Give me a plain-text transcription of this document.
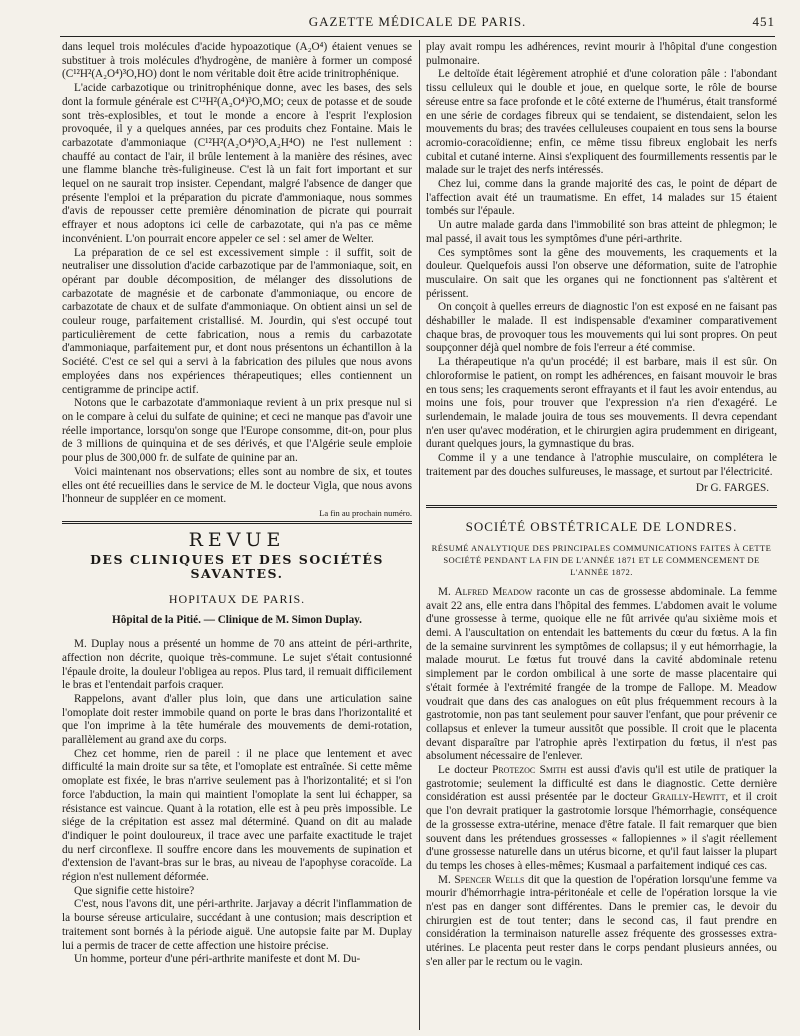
GAZETTE MÉDICALE DE PARIS.	451

dans lequel trois molécules d'acide hypoazotique (A₂O⁴) étaient venues se substituer à trois molécules d'hydrogène, de manière à former un composé (C¹²H²(A₂O⁴)³O,HO) dont le nom véritable doit être acide trinitrophénique.

L'acide carbazotique ou trinitrophénique donne, avec les bases, des sels dont la formule générale est C¹²H²(A₂O⁴)³O,MO; ceux de potasse et de soude sont très-explosibles, et tout le monde a encore à l'esprit l'explosion provoquée, il y a quelques années, par ces produits chez Fontaine. Mais le carbazotate d'ammoniaque (C¹²H²(A₂O⁴)³O,A₂H⁴O) ne l'est nullement : chauffé au contact de l'air, il brûle lentement à la manière des résines, avec une flamme blanche très-fuligineuse. C'est là un fait fort important et sur lequel on ne saurait trop insister. Cependant, malgré l'absence de danger que présente l'emploi et la préparation du picrate d'ammoniaque, nous sommes d'avis de repousser cette première dénomination de picrate qui pourrait effrayer et nous adoptons ici celle de carbazotate, qui n'a pas ce même inconvénient. L'on pourrait encore appeler ce sel : sel amer de Welter.

La préparation de ce sel est excessivement simple : il suffit, soit de neutraliser une dissolution d'acide carbazotique par de l'ammoniaque, soit, en opérant par double décomposition, de mélanger des dissolutions de carbazotate de magnésie et de carbonate d'ammoniaque, ou encore de carbazotate de chaux et de sulfate d'ammoniaque. On obtient ainsi un sel de couleur rouge, parfaitement cristallisé. M. Jourdin, qui s'est occupé tout particulièrement de cette fabrication, nous a remis du carbazotate d'ammoniaque, parfaitement pur, et dont nous présentons un échantillon à la Société. C'est ce sel qui a servi à la fabrication des pilules que nous avons employées dans nos expériences thérapeutiques; elles contiennent un centigramme de principe actif.

Notons que le carbazotate d'ammoniaque revient à un prix presque nul si on le compare à celui du sulfate de quinine; et ceci ne manque pas d'avoir une réelle importance, lorsqu'on songe que l'Europe consomme, dit-on, pour plus de 3 millions de quinquina et de ses dérivés, et que l'Algérie seule emploie pour plus de 300,000 fr. de sulfate de quinine par an.

Voici maintenant nos observations; elles sont au nombre de six, et toutes elles ont été recueillies dans le service de M. le docteur Vigla, que nous avons l'honneur de suppléer en ce moment.

La fin au prochain numéro.

REVUE
DES CLINIQUES ET DES SOCIÉTÉS SAVANTES.
HOPITAUX DE PARIS.
Hôpital de la Pitié. — Clinique de M. Simon Duplay.

M. Duplay nous a présenté un homme de 70 ans atteint de péri-arthrite, affection non décrite, quoique très-commune. Le sujet s'était contusionné l'épaule droite, la douleur l'obligea au repos. Plus tard, il remuait difficilement le bras et l'entendait parfois craquer.

Rappelons, avant d'aller plus loin, que dans une articulation saine l'omoplate doit rester immobile quand on porte le bras dans l'horizontalité et que l'on imprime à la tête humérale des mouvements de demi-rotation, parallèlement au grand axe du corps.

Chez cet homme, rien de pareil : il ne place que lentement et avec difficulté la main droite sur sa tête, et l'omoplate est entraînée. Si cette même omoplate est fixée, le bras n'arrive seulement pas à l'horizontalité; et si l'on force l'abduction, la main qui maintient l'omoplate la sent lui échapper, sa résistance est vaincue. Quant à la rotation, elle est à peu près impossible. Le siége de la crépitation est assez mal déterminé. Quand on dit au malade d'indiquer le point douloureux, il trace avec une parfaite exactitude le trajet du nerf circonflexe. Il souffre encore dans les mouvements de supination et d'extension de l'avant-bras sur le bras, au niveau de l'apophyse coracoïde. La région n'est nullement déformée.

Que signifie cette histoire?

C'est, nous l'avons dit, une péri-arthrite. Jarjavay a décrit l'inflammation de la bourse séreuse articulaire, succédant à une contusion; mais description et traitement sont bornés à la période aiguë. Une autopsie faite par M. Duplay lui a permis de tracer de cette affection une histoire précise.

Un homme, porteur d'une péri-arthrite manifeste et dont M. Du-

play avait rompu les adhérences, revint mourir à l'hôpital d'une congestion pulmonaire.

Le deltoïde était légèrement atrophié et d'une coloration pâle : l'abondant tissu celluleux qui le double et joue, en quelque sorte, le rôle de bourse séreuse entre sa face profonde et le côté externe de l'humérus, était transformé en une série de cordages fibreux qui se tendaient, se distendaient, selon les mouvements du bras; des travées celluleuses coupaient en tous sens la bourse acromio-coracoïdienne; enfin, ce même tissu fibreux englobait les nerfs cubital et cutané interne. Ainsi s'expliquent des fourmillements ressentis par le malade sur le trajet des nerfs intéressés.

Chez lui, comme dans la grande majorité des cas, le point de départ de l'affection avait été un traumatisme. En effet, 14 malades sur 15 étaient tombés sur l'épaule.

Un autre malade garda dans l'immobilité son bras atteint de phlegmon; le mal passé, il avait tous les symptômes d'une péri-arthrite.

Ces symptômes sont la gêne des mouvements, les craquements et la douleur. Quelquefois aussi l'on observe une déformation, suite de l'atrophie musculaire. On sait que les organes qui ne fonctionnent pas s'altèrent et périssent.

On conçoit à quelles erreurs de diagnostic l'on est exposé en ne faisant pas déshabiller le malade. Il est indispensable d'examiner comparativement chaque bras, de provoquer tous les mouvements qui lui sont propres. On peut soupçonner déjà quel nombre de fois l'erreur a été commise.

La thérapeutique n'a qu'un procédé; il est barbare, mais il est sûr. On chloroformise le patient, on rompt les adhérences, en faisant mouvoir le bras en tous sens; les craquements seront effrayants et il faut les avoir entendus, au moins une fois, pour trouver que l'expression n'a rien d'exagéré. Le surlendemain, le malade jouira de tous ses mouvements. Il devra cependant n'en user qu'avec modération, et le chirurgien agira prudemment en dirigeant, durant quelques jours, la gymnastique du bras.

Comme il y a une tendance à l'atrophie musculaire, on complétera le traitement par des douches sulfureuses, le massage, et surtout par l'électricité.

Dr G. FARGES.

SOCIÉTÉ OBSTÉTRICALE DE LONDRES.
RÉSUMÉ ANALYTIQUE DES PRINCIPALES COMMUNICATIONS FAITES À CETTE SOCIÉTÉ PENDANT LA FIN DE L'ANNÉE 1871 ET LE COMMENCEMENT DE L'ANNÉE 1872.

M. Alfred Meadow raconte un cas de grossesse abdominale. La femme avait 22 ans, elle entra dans l'hôpital des femmes. L'abdomen avait le volume d'une grossesse à terme, quoique elle ne fût arrivée qu'au sixième mois et demi. A l'auscultation on entendait les battements du cœur du fœtus. A la fin de la semaine survinrent les symptômes de collapsus; il y eut hémorrhagie, la malade mourut. Le fœtus fut trouvé dans la cavité abdominale retenu simplement par le cordon ombilical à une sorte de masse placentaire qui s'était formée à l'extrémité frangée de la trompe de Fallope. M. Meadow voudrait que dans des cas analogues on eût plus fréquemment recours à la gastrotomie, non pas tant seulement pour sauver l'enfant, que pour prévenir ce collapsus et enlever la tumeur aussitôt que possible. Il croit que le placenta devant disparaître par l'atrophie après l'extirpation du fœtus, il n'est pas absolument nécessaire de l'enlever.

Le docteur Protezoc Smith est aussi d'avis qu'il est utile de pratiquer la gastrotomie; seulement la difficulté est dans le diagnostic. Cette dernière considération est aussi présentée par le docteur Grailly-Hewitt, et il croit que l'on devrait pratiquer la gastrotomie lorsque l'hémorrhagie, conséquence de la grossesse extra-utérine, menace d'être fatale. Il fait remarquer que bien souvent dans les prétendues grossesses « fallopiennes » il s'agit réellement d'une grossesse naturelle dans un utérus bicorne, et qu'il faut laisser la plupart du temps les choses à elles-mêmes; Kusmaal a parfaitement indiqué ces cas.

M. Spencer Wells dit que la question de l'opération lorsqu'une femme va mourir d'hémorrhagie intra-péritonéale et celle de l'opération lorsque la vie n'est pas en danger sont différentes. Dans le premier cas, le devoir du chirurgien est de tout tenter; dans le second cas, il faut prendre en considération la terminaison naturelle assez fréquente des grossesses extra-utérines. Le placenta peut rester dans le corps pendant plusieurs années, ou s'en aller par le rectum ou le vagin.
